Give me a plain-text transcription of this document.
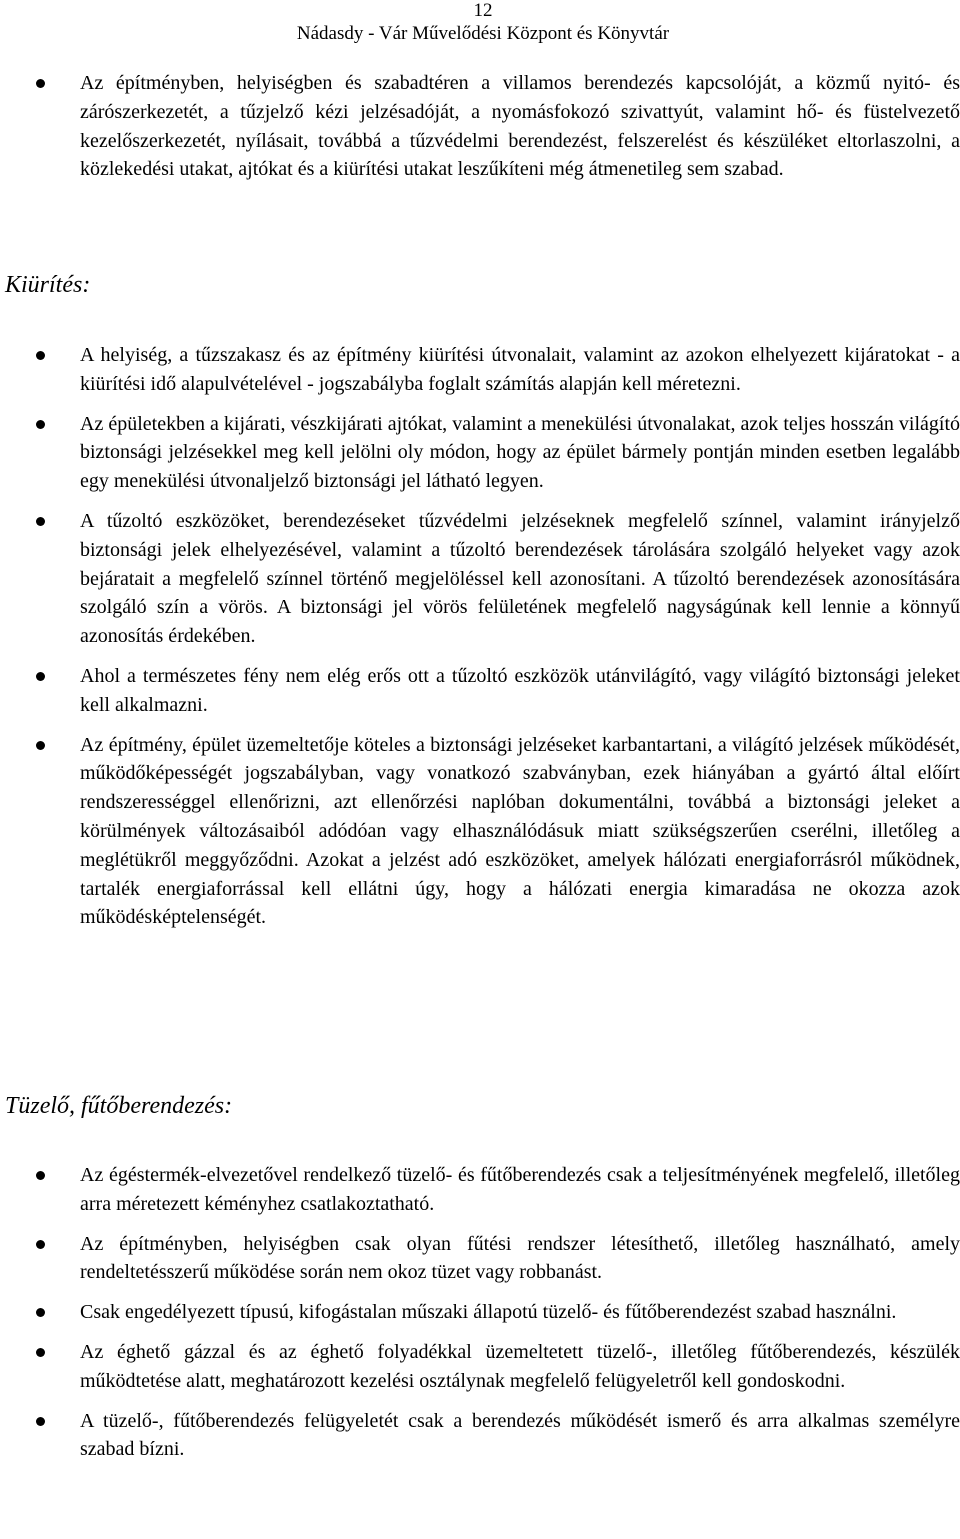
12
Nádasdy - Vár Művelődési Központ és Könyvtár
Az építményben, helyiségben és szabadtéren a villamos berendezés kapcsolóját, a közmű nyitó- és zárószerkezetét, a tűzjelző kézi jelzésadóját, a nyomásfokozó szivattyút, valamint hő- és füstelvezető kezelőszerkezetét, nyílásait, továbbá a tűzvédelmi berendezést, felszerelést és készüléket eltorlaszolni, a közlekedési utakat, ajtókat és a kiürítési utakat leszűkíteni még átmenetileg sem szabad.
Kiürítés:
A helyiség, a tűzszakasz és az építmény kiürítési útvonalait, valamint az azokon elhelyezett kijáratokat - a kiürítési idő alapulvételével - jogszabályba foglalt számítás alapján kell méretezni.
Az épületekben a kijárati, vészkijárati ajtókat, valamint a menekülési útvonalakat, azok teljes hosszán világító biztonsági jelzésekkel meg kell jelölni oly módon, hogy az épület bármely pontján minden esetben legalább egy menekülési útvonaljelző biztonsági jel látható legyen.
A tűzoltó eszközöket, berendezéseket tűzvédelmi jelzéseknek megfelelő színnel, valamint irányjelző biztonsági jelek elhelyezésével, valamint a tűzoltó berendezések tárolására szolgáló helyeket vagy azok bejáratait a megfelelő színnel történő megjelöléssel kell azonosítani. A tűzoltó berendezések azonosítására szolgáló szín a vörös. A biztonsági jel vörös felületének megfelelő nagyságúnak kell lennie a könnyű azonosítás érdekében.
Ahol a természetes fény nem elég erős ott a tűzoltó eszközök utánvilágító, vagy világító biztonsági jeleket kell alkalmazni.
Az építmény, épület üzemeltetője köteles a biztonsági jelzéseket karbantartani, a világító jelzések működését, működőképességét jogszabályban, vagy vonatkozó szabványban, ezek hiányában a gyártó által előírt rendszerességgel ellenőrizni, azt ellenőrzési naplóban dokumentálni, továbbá a biztonsági jeleket a körülmények változásaiból adódóan vagy elhasználódásuk miatt szükségszerűen cserélni, illetőleg a meglétükről meggyőződni. Azokat a jelzést adó eszközöket, amelyek hálózati energiaforrásról működnek, tartalék energiaforrással kell ellátni úgy, hogy a hálózati energia kimaradása ne okozza azok működésképtelenségét.
Tüzelő, fűtőberendezés:
Az égéstermék-elvezetővel rendelkező tüzelő- és fűtőberendezés csak a teljesítményének megfelelő, illetőleg arra méretezett kéményhez csatlakoztatható.
Az építményben, helyiségben csak olyan fűtési rendszer létesíthető, illetőleg használható, amely rendeltetésszerű működése során nem okoz tüzet vagy robbanást.
Csak engedélyezett típusú, kifogástalan műszaki állapotú tüzelő- és fűtőberendezést szabad használni.
Az éghető gázzal és az éghető folyadékkal üzemeltetett tüzelő-, illetőleg fűtőberendezés, készülék működtetése alatt, meghatározott kezelési osztálynak megfelelő felügyeletről kell gondoskodni.
A tüzelő-, fűtőberendezés felügyeletét csak a berendezés működését ismerő és arra alkalmas személyre szabad bízni.
